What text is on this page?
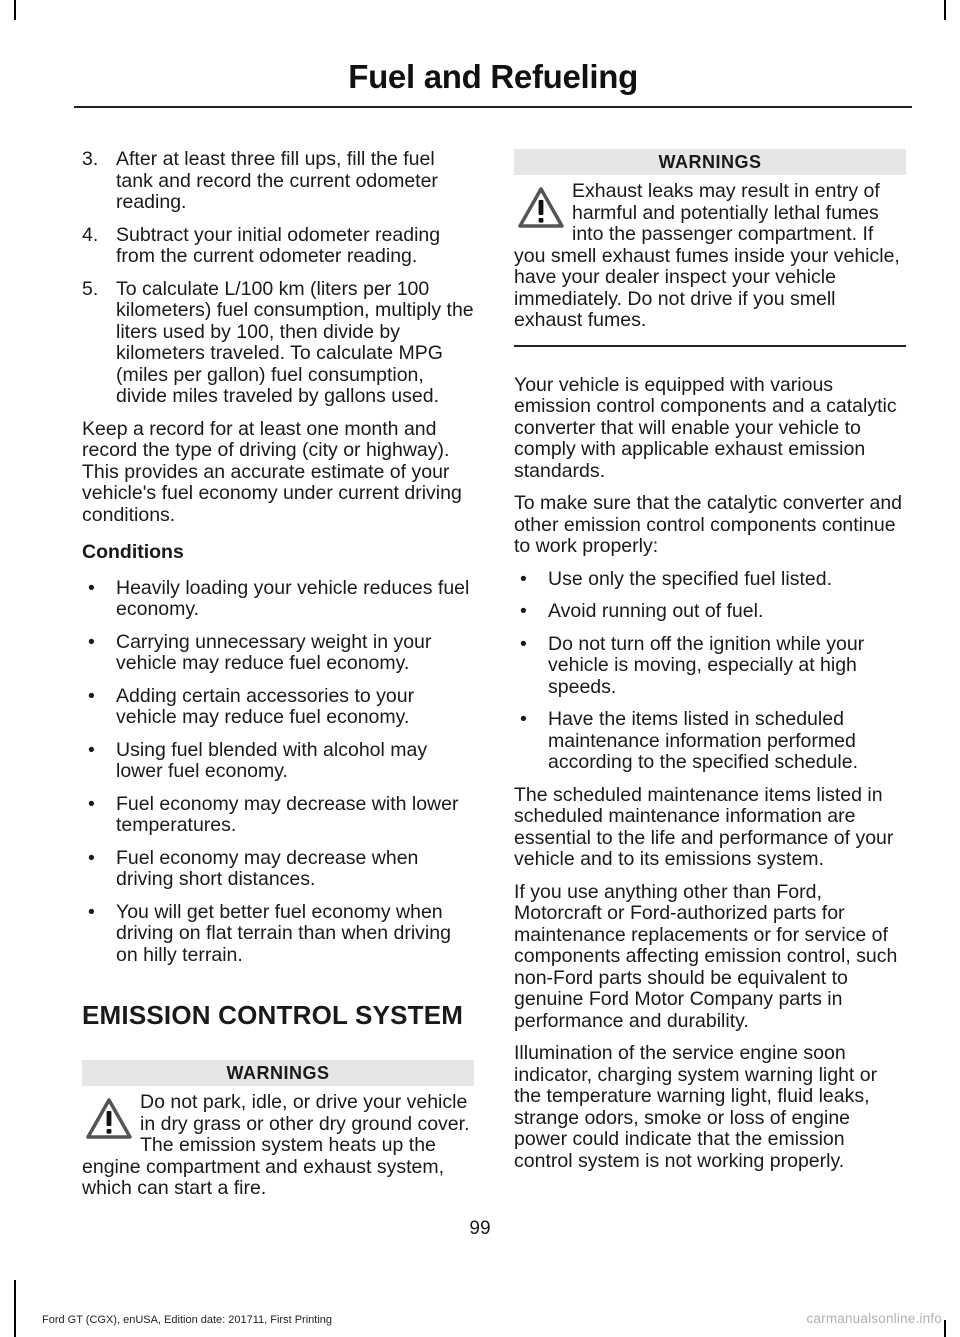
Fuel and Refueling
3. After at least three fill ups, fill the fuel tank and record the current odometer reading.
4. Subtract your initial odometer reading from the current odometer reading.
5. To calculate L/100 km (liters per 100 kilometers) fuel consumption, multiply the liters used by 100, then divide by kilometers traveled. To calculate MPG (miles per gallon) fuel consumption, divide miles traveled by gallons used.

Keep a record for at least one month and record the type of driving (city or highway). This provides an accurate estimate of your vehicle's fuel economy under current driving conditions.

Conditions
• Heavily loading your vehicle reduces fuel economy.
• Carrying unnecessary weight in your vehicle may reduce fuel economy.
• Adding certain accessories to your vehicle may reduce fuel economy.
• Using fuel blended with alcohol may lower fuel economy.
• Fuel economy may decrease with lower temperatures.
• Fuel economy may decrease when driving short distances.
• You will get better fuel economy when driving on flat terrain than when driving on hilly terrain.
EMISSION CONTROL SYSTEM
WARNINGS

Do not park, idle, or drive your vehicle in dry grass or other dry ground cover. The emission system heats up the engine compartment and exhaust system, which can start a fire.

WARNINGS

Exhaust leaks may result in entry of harmful and potentially lethal fumes into the passenger compartment. If you smell exhaust fumes inside your vehicle, have your dealer inspect your vehicle immediately. Do not drive if you smell exhaust fumes.

Your vehicle is equipped with various emission control components and a catalytic converter that will enable your vehicle to comply with applicable exhaust emission standards.

To make sure that the catalytic converter and other emission control components continue to work properly:

• Use only the specified fuel listed.
• Avoid running out of fuel.
• Do not turn off the ignition while your vehicle is moving, especially at high speeds.
• Have the items listed in scheduled maintenance information performed according to the specified schedule.

The scheduled maintenance items listed in scheduled maintenance information are essential to the life and performance of your vehicle and to its emissions system.

If you use anything other than Ford, Motorcraft or Ford-authorized parts for maintenance replacements or for service of components affecting emission control, such non-Ford parts should be equivalent to genuine Ford Motor Company parts in performance and durability.

Illumination of the service engine soon indicator, charging system warning light or the temperature warning light, fluid leaks, strange odors, smoke or loss of engine power could indicate that the emission control system is not working properly.

99
Ford GT (CGX), enUSA, Edition date: 201711, First Printing	carmanualsonline.info
